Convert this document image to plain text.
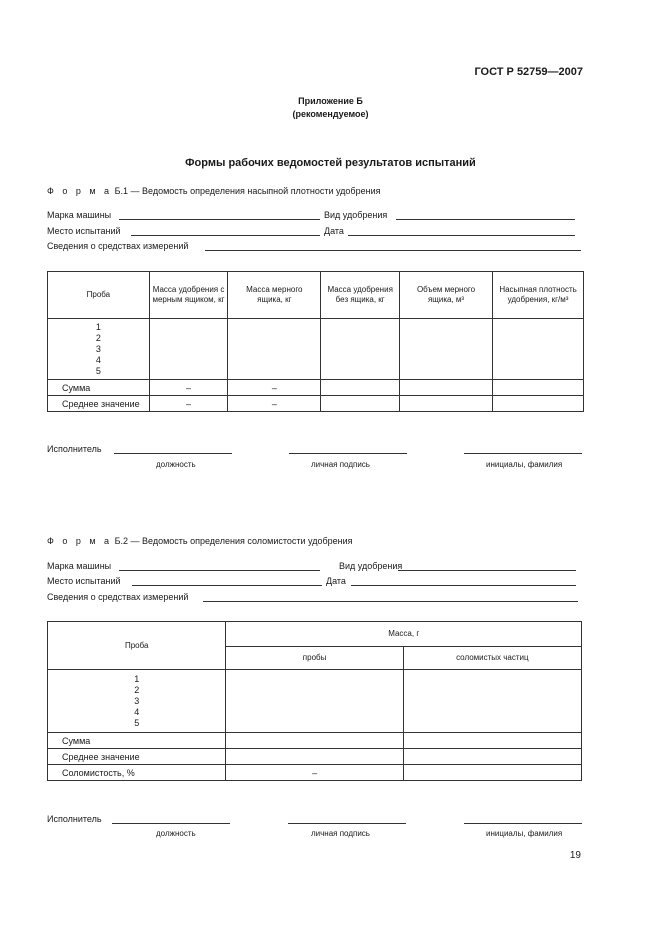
ГОСТ Р 52759—2007
Приложение Б
(рекомендуемое)
Формы рабочих ведомостей результатов испытаний
Ф о р м а Б.1 — Ведомость определения насыпной плотности удобрения
Марка машины	Вид удобрения
Место испытаний	Дата
Сведения о средствах измерений
Проба	Масса удобрения с мерным ящиком, кг	Масса мерного ящика, кг	Масса удобрения без ящика, кг	Объем мерного ящика, м³	Насыпная плотность удобрения, кг/м³

1
2
3
4
5					

Сумма	–	–			
Среднее значение	–	–			
Исполнитель
должность	личная подпись	инициалы, фамилия
Ф о р м а Б.2 — Ведомость определения соломистости удобрения
Марка машины	Вид удобрения
Место испытаний	Дата
Сведения о средствах измерений
Проба	Масса, г	
	пробы	соломистых частиц

1
2
3
4
5		

Сумма		
Среднее значение		
Соломистость, %	–	
Исполнитель
должность	личная подпись	инициалы, фамилия
19
